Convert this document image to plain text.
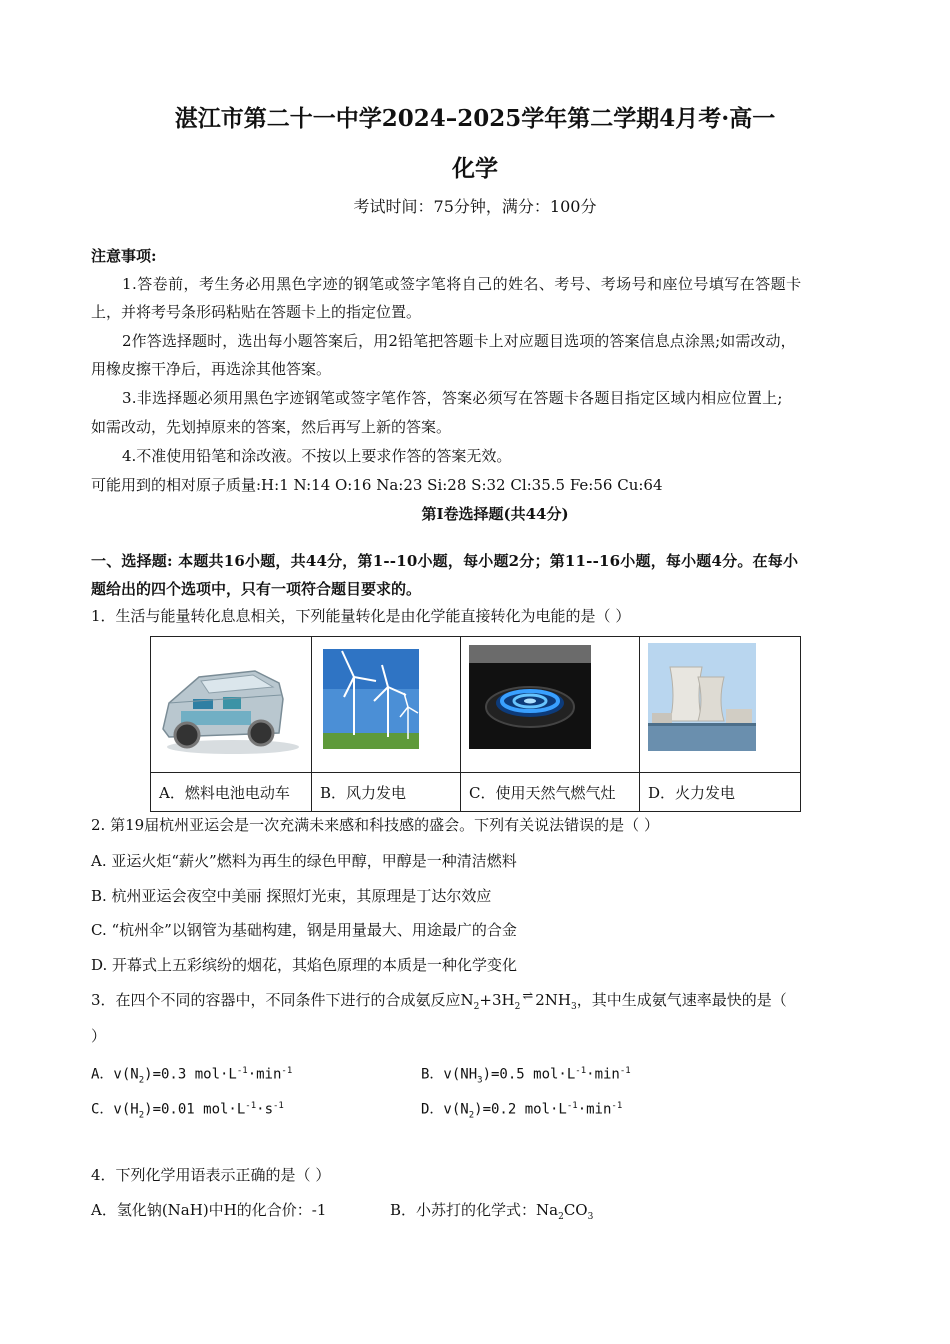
湛江市第二十一中学2024–2025学年第二学期4月考·高一
化学
考试时间：75分钟，满分：100分
注意事项:
1.答卷前，考生务必用黑色字迹的钢笔或签字笔将自己的姓名、考号、考场号和座位号填写在答题卡
上，并将考号条形码粘贴在答题卡上的指定位置。
2作答选择题时，选出每小题答案后，用2铅笔把答题卡上对应题目选项的答案信息点涂黑;如需改动，
用橡皮擦干净后，再选涂其他答案。
3.非选择题必须用黑色字迹钢笔或签字笔作答，答案必须写在答题卡各题目指定区域内相应位置上;
如需改动，先划掉原来的答案，然后再写上新的答案。
4.不准使用铅笔和涂改液。不按以上要求作答的答案无效。
可能用到的相对原子质量:H:1 N:14 O:16 Na:23 Si:28 S:32 Cl:35.5 Fe:56 Cu:64
第I卷选择题(共44分)
一、选择题: 本题共16小题，共44分，第1--10小题，每小题2分；第11--16小题，每小题4分。在每小
题给出的四个选项中，只有一项符合题目要求的。
1．生活与能量转化息息相关，下列能量转化是由化学能直接转化为电能的是（ ）

A．燃料电池电动车	B．风力发电	C．使用天然气燃气灶	D．火力发电
2. 第19届杭州亚运会是一次充满未来感和科技感的盛会。下列有关说法错误的是（ ）
A. 亚运火炬“薪火”燃料为再生的绿色甲醇，甲醇是一种清洁燃料
B. 杭州亚运会夜空中美丽 探照灯光束，其原理是丁达尔效应
C. “杭州伞”以钢管为基础构建，钢是用量最大、用途最广的合金
D. 开幕式上五彩缤纷的烟花，其焰色原理的本质是一种化学变化
3．在四个不同的容器中，不同条件下进行的合成氨反应$N_2+3H_2\rightleftharpoons$ $2NH_3$，其中生成氨气速率最快的是（
）
A．$v(N_2)=0.3$ $mol\cdot L^{-1}\cdot\min^{-1}$	B．$v(NH_3)=0.5$ $mol\cdot L^{-1}\cdot\min^{-1}$
C．$v(H_2)=0.01$ $mol\cdot L^{-1}\cdot s^{-1}$	D．$v(N_2)=0.2$ $mol\cdot L^{-1}\cdot\min^{-1}$
4．下列化学用语表示正确的是（ ）
A．氢化钠(NaH)中H的化合价：-1	B．小苏打的化学式：$Na_2CO_3$
